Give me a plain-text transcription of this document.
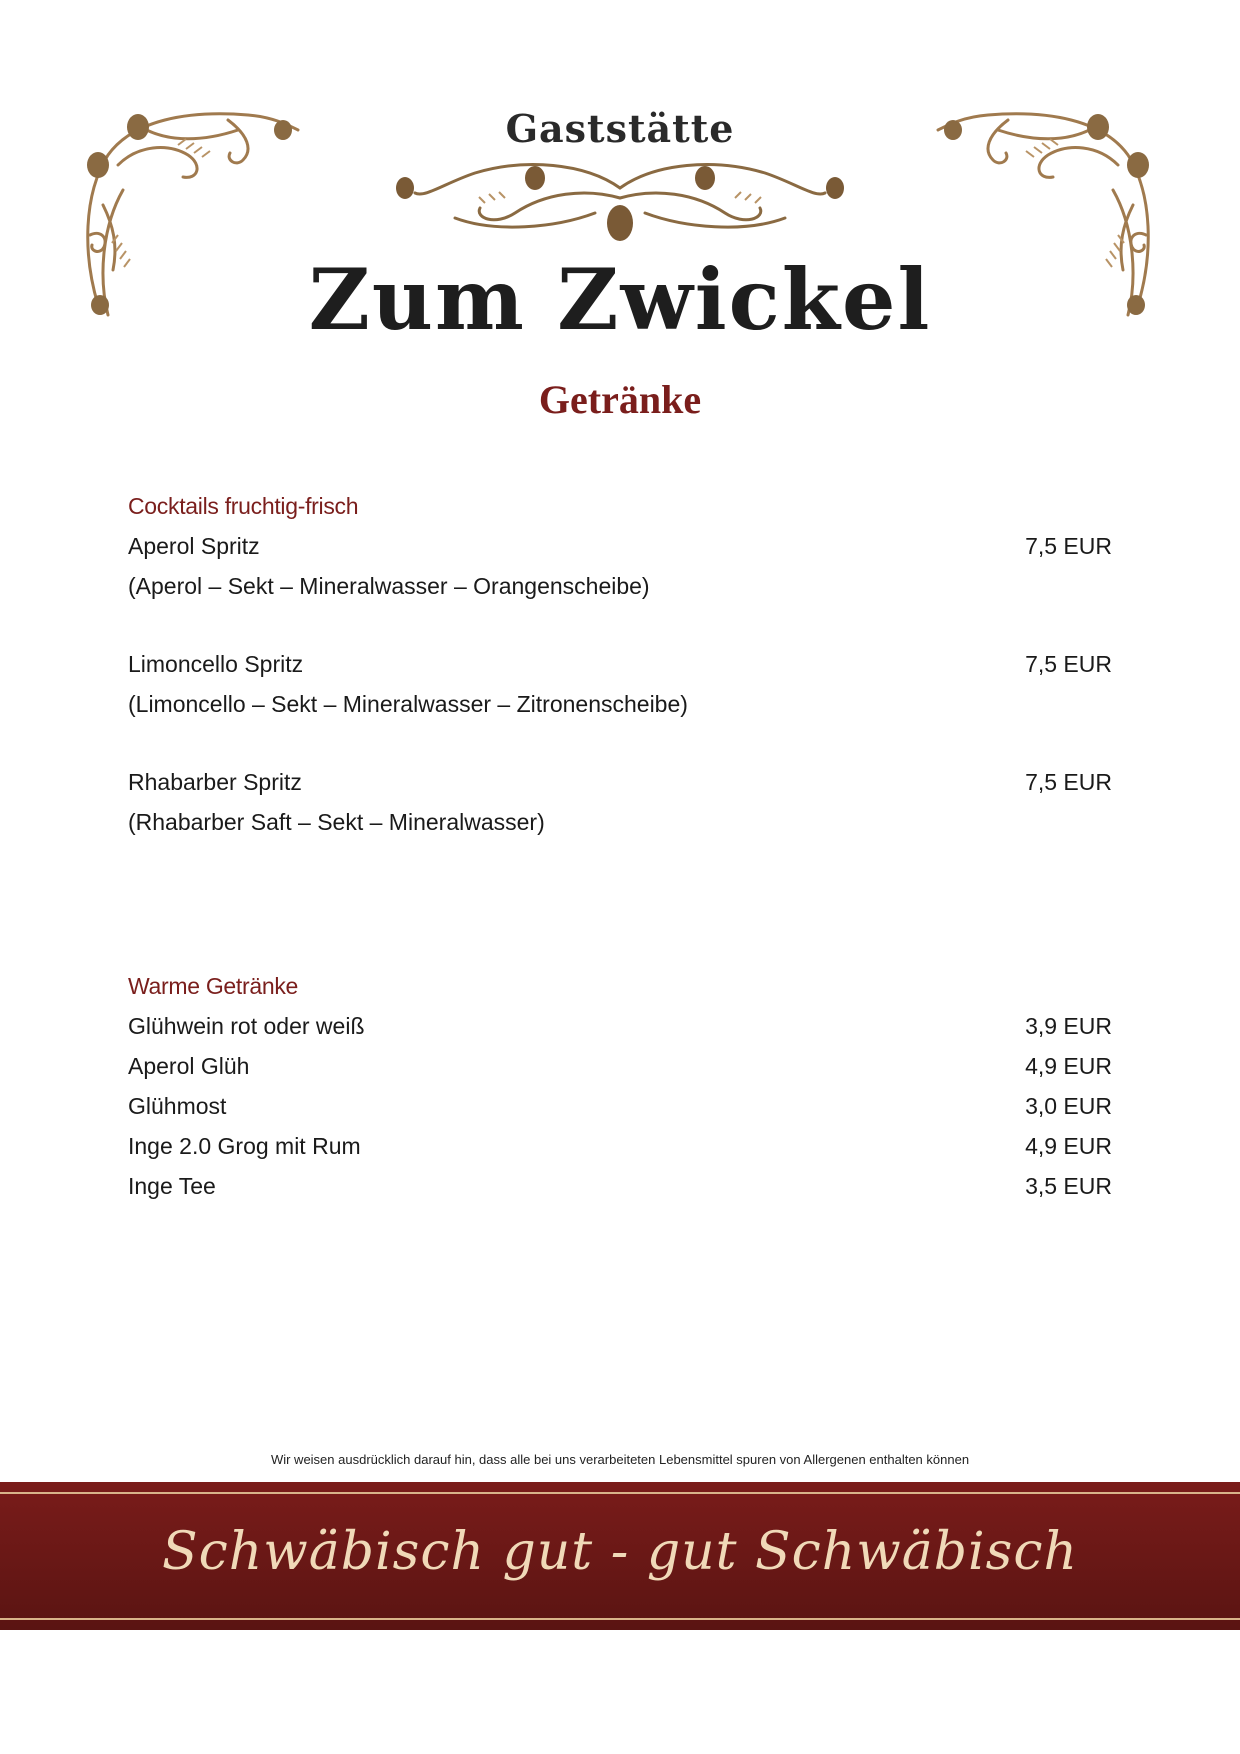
Gaststätte
Zum Zwickel
Getränke
Cocktails fruchtig-frisch
Aperol Spritz	7,5 EUR
(Aperol – Sekt – Mineralwasser – Orangenscheibe)
Limoncello Spritz	7,5 EUR
(Limoncello – Sekt – Mineralwasser – Zitronenscheibe)
Rhabarber Spritz	7,5 EUR
(Rhabarber Saft – Sekt – Mineralwasser)
Warme Getränke
Glühwein rot oder weiß	3,9 EUR
Aperol Glüh	4,9 EUR
Glühmost	3,0 EUR
Inge 2.0 Grog mit Rum	4,9 EUR
Inge Tee	3,5 EUR
Wir weisen ausdrücklich darauf hin, dass alle bei uns verarbeiteten Lebensmittel spuren von Allergenen enthalten können
Schwäbisch gut - gut Schwäbisch
